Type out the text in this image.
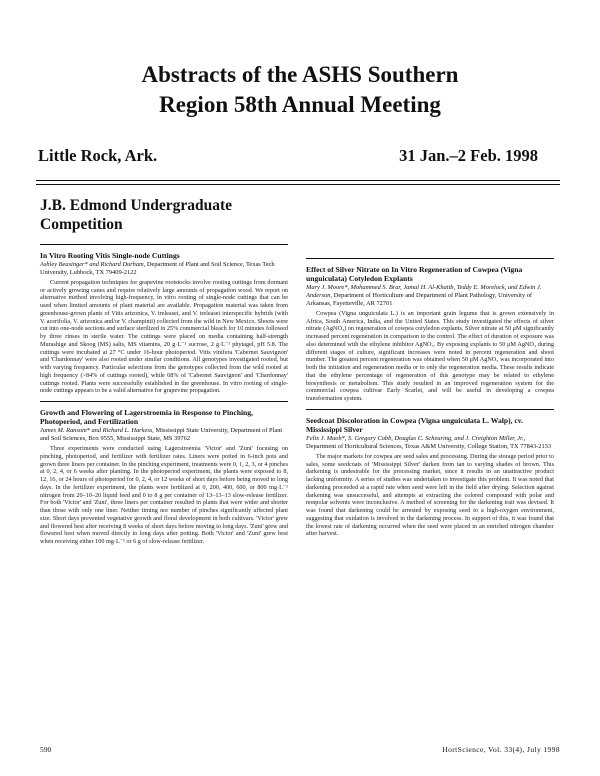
Abstracts of the ASHS Southern
Region 58th Annual Meeting
Little Rock, Ark.	31 Jan.–2 Feb. 1998
J.B. Edmond Undergraduate Competition
In Vitro Rooting Vitis Single-node Cuttings
Ashley Beasinger* and Richard Durham, Department of Plant and Soil Science, Texas Tech University, Lubbock, TX 79409-2122

Current propagation techniques for grapevine rootstocks involve rooting cuttings from dormant or actively growing canes and require relatively large amounts of propagation wood. We report on alternative method involving high-frequency, in vitro rooting of single-node cuttings that can be used when limited amounts of plant material are available. Propagation material was taken from greenhouse-grown plants of Vitis arizonica, V. treleasei, and V. treleasei interspecific hybrids (with V. acerifolia, V. arizonica and/or V. champinii) collected from the wild in New Mexico. Shoots were cut into one-node sections and surface sterilized in 25% commercial bleach for 10 minutes followed by three rinses in sterile water. The cuttings were placed on media containing half-strength Murashige and Skoog (MS) salts, MS vitamins, 20 g·L⁻¹ sucrose, 2 g·L⁻¹ phytagel, pH 5.8. The cuttings were incubated at 27 °C under 16-hour photoperiod. Vitis vinifera 'Cabernet Sauvignon' and 'Chardonnay' were also rooted under similar conditions. All genotypes investigated rooted, but with varying frequency. Particular selections from the genotypes collected from the wild rooted at high frequency (>84% of cuttings rooted), while 68% of 'Cabernet Sauvignon' and 'Chardonnay' cuttings rooted. Plants were successfully established in the greenhouse. In vitro rooting of single-node cuttings appears to be a valid alternative for grapevine propagation.

Growth and Flowering of Lagerstroemia in Response to Pinching, Photoperiod, and Fertilization
James M. Ransom* and Richard L. Harkess, Mississippi State University, Department of Plant and Soil Sciences, Box 9555, Mississippi State, MS 39762

Three experiments were conducted using Lagerstroemia 'Victor' and 'Zuni' focusing on pinching, photoperiod, and fertilizer with fertilizer rates. Liners were potted in 6-inch pots and grown three liners per container. In the pinching experiment, treatments were 0, 1, 2, 3, or 4 pinches at 0, 2, 4, or 6 weeks after planting. In the photoperiod experiment, the plants were exposed to 8, 12, 16, or 24 hours of photoperiod for 0, 2, 4, or 12 weeks of short days before being moved to long days. In the fertilizer experiment, the plants were fertilized at 0, 200, 400, 600, or 800 mg·L⁻¹ nitrogen from 20–10–20 liquid feed and 0 to 8 g per container of 13–13–13 slow-release fertilizer. For both 'Victor' and 'Zuni', three liners per container resulted in plants that were wider and shorter than those with only one liner. Neither timing nor number of pinches significantly affected plant size. Short days prevented vegetative growth and floral development in both cultivars. 'Victor' grew and flowered best after receiving 8 weeks of short days before moving to long days. 'Zuni' grew and flowered best when moved directly to long days after potting. Both 'Victor' and 'Zuni' grew best when receiving either 100 mg·L⁻¹ or 6 g of slow-release fertilizer.

Effect of Silver Nitrate on In Vitro Regeneration of Cowpea (Vigna unguiculata) Cotyledon Explants
Mary J. Moore*, Mohammed S. Brar, Jamal H. Al-Khatib, Teddy E. Morelock, and Edwin J. Anderson, Department of Horticulture and Department of Plant Pathology, University of Arkansas, Fayetteville, AR 72701

Cowpea (Vigna unguiculata L.) is an important grain legume that is grown extensively in Africa, South America, India, and the United States. This study investigated the effects of silver nitrate (AgNO₃) on regeneration of cowpea cotyledon explants. Silver nitrate at 50 μM significantly increased percent regeneration in comparison to the control. The effect of duration of exposure was also determined with the ethylene inhibitor AgNO₃. By exposing explants to 50 μM AgNO₃ during different stages of culture, significant increases were noted in percent regeneration and shoot number. The greatest percent regeneration was obtained when 50 μM AgNO₃ was incorporated into both the initiation and regeneration media or to only the regeneration media. These results indicate that the ethylene percentage of regeneration of this genotype may be related to ethylene biosynthesis or metabolism. This study resulted in an improved regeneration system for the commercial cowpea cultivar Early Scarlet, and will be useful in developing a cowpea transformation system.

Seedcoat Discoloration in Cowpea (Vigna unguiculata L. Walp), cv. Mississippi Silver
Felix J. Muoh*, S. Gregory Cobb, Douglas C. Scheuring, and J. Creighton Miller, Jr., Department of Horticultural Sciences, Texas A&M University, College Station, TX 77843-2133

The major markets for cowpea are seed sales and processing. During the storage period prior to sales, some seedcoats of 'Mississippi Silver' darken from tan to varying shades of brown. This darkening is undesirable for the processing market, since it results in an unattractive product lacking uniformity. A series of studies was undertaken to investigate this problem. It was noted that darkening proceeded at a rapid rate when seed were left in the field after drying. Selection against darkening was unsuccessful, and attempts at extracting the colored compound with polar and nonpolar solvents were inconclusive. A method of screening for the darkening trait was devised. It was found that darkening could be arrested by exposing seed to a high-oxygen environment, suggesting that oxidation is involved in the darkening process. In support of this, it was found that the lowest rate of darkening occurred when the seed were placed in an enriched nitrogen chamber after harvest.

590	HortScience, Vol. 33(4), July 1998
